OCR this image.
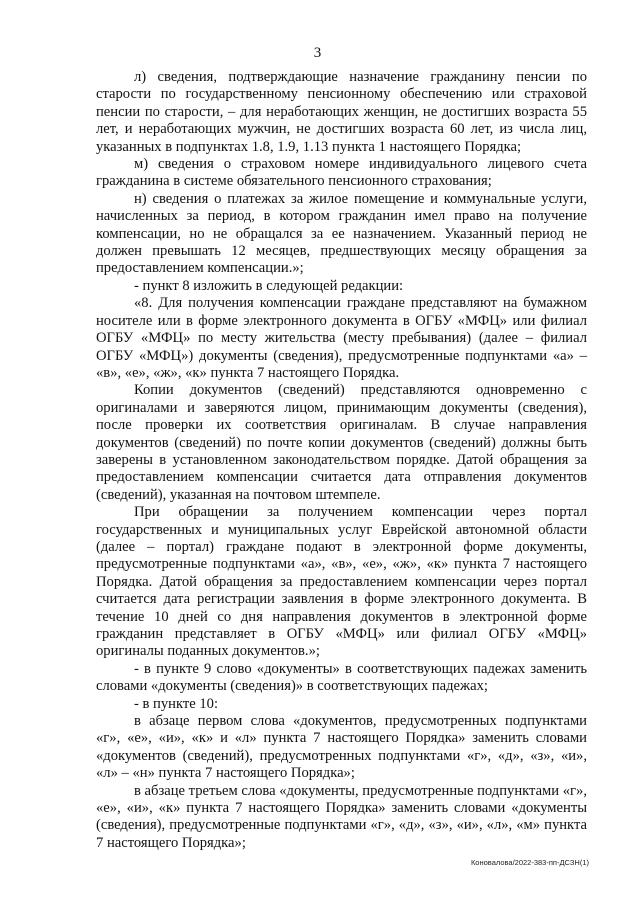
3

л) сведения, подтверждающие назначение гражданину пенсии по старости по государственному пенсионному обеспечению или страховой пенсии по старости, – для неработающих женщин, не достигших возраста 55 лет, и неработающих мужчин, не достигших возраста 60 лет, из числа лиц, указанных в подпунктах 1.8, 1.9, 1.13 пункта 1 настоящего Порядка;

м) сведения о страховом номере индивидуального лицевого счета гражданина в системе обязательного пенсионного страхования;

н) сведения о платежах за жилое помещение и коммунальные услуги, начисленных за период, в котором гражданин имел право на получение компенсации, но не обращался за ее назначением. Указанный период не должен превышать 12 месяцев, предшествующих месяцу обращения за предоставлением компенсации.»;

- пункт 8 изложить в следующей редакции:

«8. Для получения компенсации граждане представляют на бумажном носителе или в форме электронного документа в ОГБУ «МФЦ» или филиал ОГБУ «МФЦ» по месту жительства (месту пребывания) (далее – филиал ОГБУ «МФЦ») документы (сведения), предусмотренные подпунктами «а» – «в», «е», «ж», «к» пункта 7 настоящего Порядка.

Копии документов (сведений) представляются одновременно с оригиналами и заверяются лицом, принимающим документы (сведения), после проверки их соответствия оригиналам. В случае направления документов (сведений) по почте копии документов (сведений) должны быть заверены в установленном законодательством порядке. Датой обращения за предоставлением компенсации считается дата отправления документов (сведений), указанная на почтовом штемпеле.

При обращении за получением компенсации через портал государственных и муниципальных услуг Еврейской автономной области (далее – портал) граждане подают в электронной форме документы, предусмотренные подпунктами «а», «в», «е», «ж», «к» пункта 7 настоящего Порядка. Датой обращения за предоставлением компенсации через портал считается дата регистрации заявления в форме электронного документа. В течение 10 дней со дня направления документов в электронной форме гражданин представляет в ОГБУ «МФЦ» или филиал ОГБУ «МФЦ» оригиналы поданных документов.»;

- в пункте 9 слово «документы» в соответствующих падежах заменить словами «документы (сведения)» в соответствующих падежах;

- в пункте 10:

в абзаце первом слова «документов, предусмотренных подпунктами «г», «е», «и», «к» и «л» пункта 7 настоящего Порядка» заменить словами «документов (сведений), предусмотренных подпунктами «г», «д», «з», «и», «л» – «н» пункта 7 настоящего Порядка»;

в абзаце третьем слова «документы, предусмотренные подпунктами «г», «е», «и», «к» пункта 7 настоящего Порядка» заменить словами «документы (сведения), предусмотренные подпунктами «г», «д», «з», «и», «л», «м» пункта 7 настоящего Порядка»;

Коновалова/2022-383-пп-ДСЗН(1)
